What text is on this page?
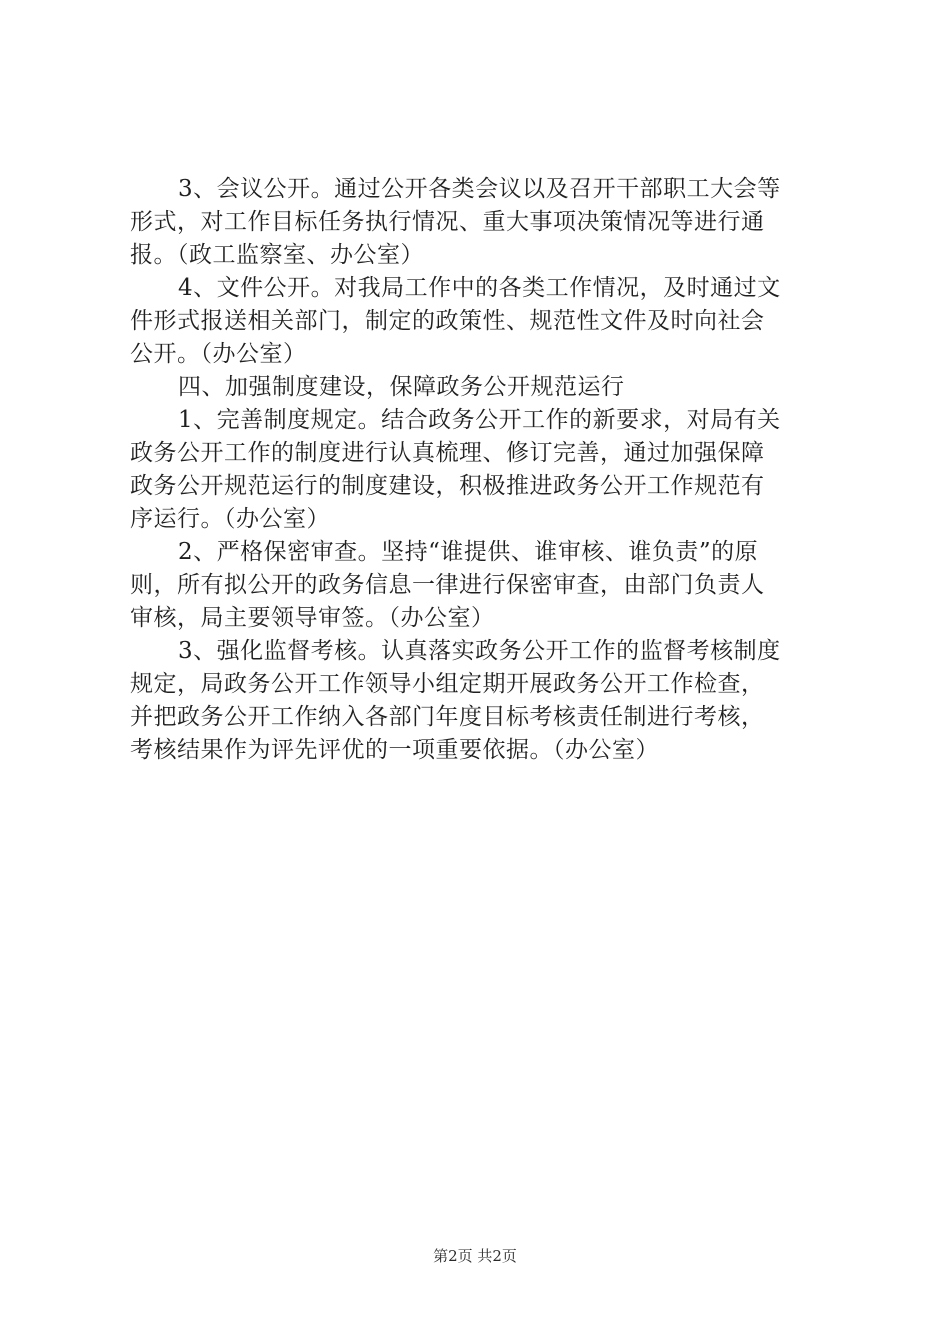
3、会议公开。通过公开各类会议以及召开干部职工大会等
形式，对工作目标任务执行情况、重大事项决策情况等进行通
报。（政工监察室、办公室）
4、文件公开。对我局工作中的各类工作情况，及时通过文
件形式报送相关部门，制定的政策性、规范性文件及时向社会
公开。（办公室）
四、加强制度建设，保障政务公开规范运行
1、完善制度规定。结合政务公开工作的新要求，对局有关
政务公开工作的制度进行认真梳理、修订完善，通过加强保障
政务公开规范运行的制度建设，积极推进政务公开工作规范有
序运行。（办公室）
2、严格保密审查。坚持“谁提供、谁审核、谁负责”的原
则，所有拟公开的政务信息一律进行保密审查，由部门负责人
审核，局主要领导审签。（办公室）
3、强化监督考核。认真落实政务公开工作的监督考核制度
规定，局政务公开工作领导小组定期开展政务公开工作检查，
并把政务公开工作纳入各部门年度目标考核责任制进行考核，
考核结果作为评先评优的一项重要依据。（办公室）
第2页 共2页
